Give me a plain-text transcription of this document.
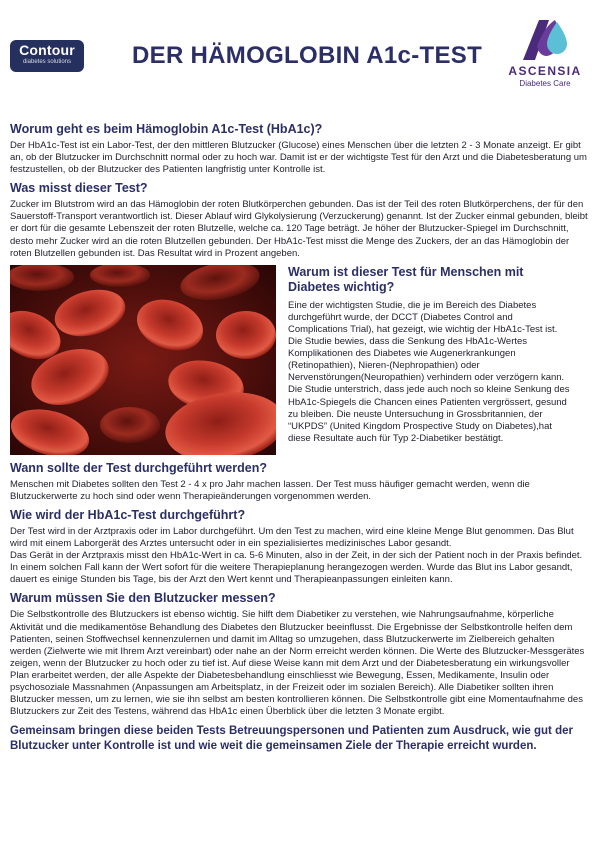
Contour
diabetes solutions	DER HÄMOGLOBIN A1c-TEST
ASCENSIA
Diabetes Care
Worum geht es beim Hämoglobin A1c-Test (HbA1c)?

Der HbA1c-Test ist ein Labor-Test, der den mittleren Blutzucker (Glucose) eines Menschen über die letzten 2 - 3 Monate anzeigt. Er gibt an, ob der Blutzucker im Durchschnitt normal oder zu hoch war. Damit ist er der wichtigste Test für den Arzt und die Diabetesberatung um festzustellen, ob der Blutzucker des Patienten langfristig unter Kontrolle ist.

Was misst dieser Test?

Zucker im Blutstrom wird an das Hämoglobin der roten Blutkörperchen gebunden. Das ist der Teil des roten Blutkörperchens, der für den Sauerstoff-Transport verantwortlich ist. Dieser Ablauf wird Glykolysierung (Verzuckerung) genannt. Ist der Zucker einmal gebunden, bleibt er dort für die gesamte Lebenszeit der roten Blutzelle, welche ca. 120 Tage beträgt. Je höher der Blutzucker-Spiegel im Durchschnitt, desto mehr Zucker wird an die roten Blutzellen gebunden. Der HbA1c-Test misst die Menge des Zuckers, der an das Hämoglobin der roten Blutzellen gebunden ist. Das Resultat wird in Prozent angeben.

Warum ist dieser Test für Menschen mit Diabetes wichtig?

Eine der wichtigsten Studie, die je im Bereich des Diabetes durchgeführt wurde, der DCCT (Diabetes Control and Complications Trial), hat gezeigt, wie wichtig der HbA1c-Test ist. Die Studie bewies, dass die Senkung des HbA1c-Wertes Komplikationen des Diabetes wie Augenerkrankungen (Retinopathien), Nieren-(Nephropathien) oder Nervenstörungen(Neuropathien) verhindern oder verzögern kann. Die Studie unterstrich, dass jede auch noch so kleine Senkung des HbA1c-Spiegels die Chancen eines Patienten vergrössert, gesund zu bleiben. Die neuste Untersuchung in Grossbritannien, der “UKPDS” (United Kingdom Prospective Study on Diabetes),hat diese Resultate auch für Typ 2-Diabetiker bestätigt.

Wann sollte der Test durchgeführt werden?

Menschen mit Diabetes sollten den Test 2 - 4 x pro Jahr machen lassen. Der Test muss häufiger gemacht werden, wenn die Blutzuckerwerte zu hoch sind oder wenn Therapieänderungen vorgenommen werden.

Wie wird der HbA1c-Test durchgeführt?

Der Test wird in der Arztpraxis oder im Labor durchgeführt. Um den Test zu machen, wird eine kleine Menge Blut genommen. Das Blut wird mit einem Laborgerät des Arztes untersucht oder in ein spezialisiertes medizinisches Labor gesandt.

Das Gerät in der Arztpraxis misst den HbA1c-Wert in ca. 5-6 Minuten, also in der Zeit, in der sich der Patient noch in der Praxis befindet. In einem solchen Fall kann der Wert sofort für die weitere Therapieplanung herangezogen werden. Wurde das Blut ins Labor gesandt, dauert es einige Stunden bis Tage, bis der Arzt den Wert kennt und Therapieanpassungen einleiten kann.

Warum müssen Sie den Blutzucker messen?

Die Selbstkontrolle des Blutzuckers ist ebenso wichtig. Sie hilft dem Diabetiker zu verstehen, wie Nahrungsaufnahme, körperliche Aktivität und die medikamentöse Behandlung des Diabetes den Blutzucker beeinflusst. Die Ergebnisse der Selbstkontrolle helfen dem Patienten, seinen Stoffwechsel kennenzulernen und damit im Alltag so umzugehen, dass Blutzuckerwerte im Zielbereich gehalten werden (Zielwerte wie mit Ihrem Arzt vereinbart) oder nahe an der Norm erreicht werden können. Die Werte des Blutzucker-Messgerätes zeigen, wenn der Blutzucker zu hoch oder zu tief ist. Auf diese Weise kann mit dem Arzt und der Diabetesberatung ein wirkungsvoller Plan erarbeitet werden, der alle Aspekte der Diabetesbehandlung einschliesst wie Bewegung, Essen, Medikamente, Insulin oder psychosoziale Massnahmen (Anpassungen am Arbeitsplatz, in der Freizeit oder im sozialen Bereich). Alle Diabetiker sollten ihren Blutzucker messen, um zu lernen, wie sie ihn selbst am besten kontrollieren können. Die Selbstkontrolle gibt eine Momentaufnahme des Blutzuckers zur Zeit des Testens, während das HbA1c einen Überblick über die letzten 3 Monate ergibt.

Gemeinsam bringen diese beiden Tests Betreuungspersonen und Patienten zum Ausdruck, wie gut der Blutzucker unter Kontrolle ist und wie weit die gemeinsamen Ziele der Therapie erreicht wurden.
